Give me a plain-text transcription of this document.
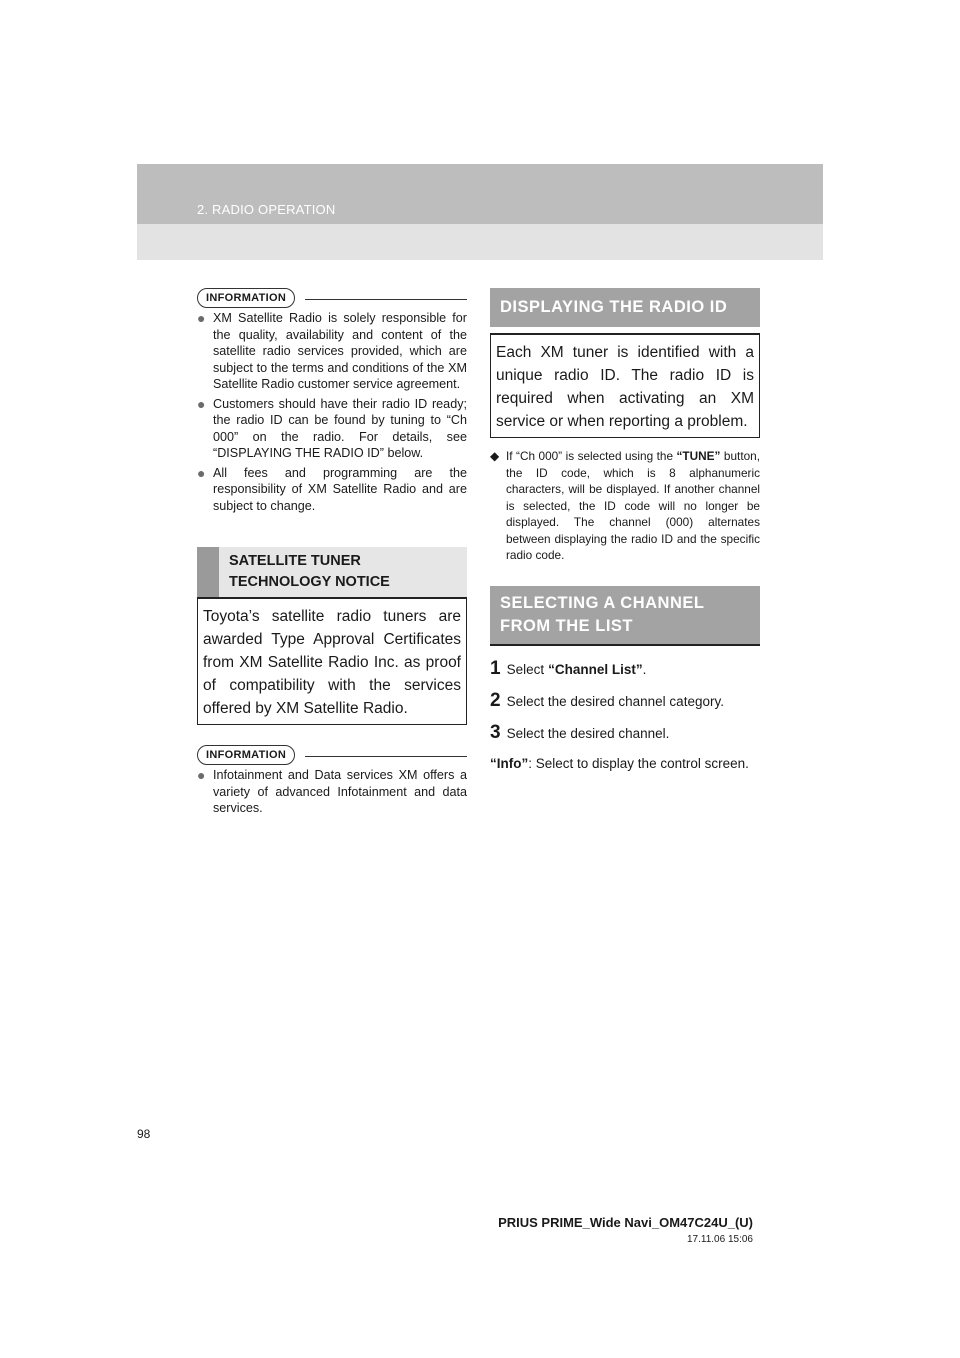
2. RADIO OPERATION
INFORMATION
● XM Satellite Radio is solely responsible for the quality, availability and content of the satellite radio services provided, which are subject to the terms and conditions of the XM Satellite Radio customer service agreement.
● Customers should have their radio ID ready; the radio ID can be found by tuning to “Ch 000” on the radio. For details, see “DISPLAYING THE RADIO ID” below.
● All fees and programming are the responsibility of XM Satellite Radio and are subject to change.
SATELLITE TUNER
TECHNOLOGY NOTICE
Toyota’s satellite radio tuners are awarded Type Approval Certificates from XM Satellite Radio Inc. as proof of compatibility with the services offered by XM Satellite Radio.
INFORMATION
● Infotainment and Data services XM offers a variety of advanced Infotainment and data services.
DISPLAYING THE RADIO ID
Each XM tuner is identified with a unique radio ID. The radio ID is required when activating an XM service or when reporting a problem.
◆ If “Ch 000” is selected using the “TUNE” button, the ID code, which is 8 alphanumeric characters, will be displayed. If another channel is selected, the ID code will no longer be displayed. The channel (000) alternates between displaying the radio ID and the specific radio code.
SELECTING A CHANNEL
FROM THE LIST
1 Select “Channel List” .
2 Select the desired channel category.
3 Select the desired channel.
“Info”: Select to display the control screen.
98
PRIUS PRIME_Wide Navi_OM47C24U_(U)
17.11.06 15:06
